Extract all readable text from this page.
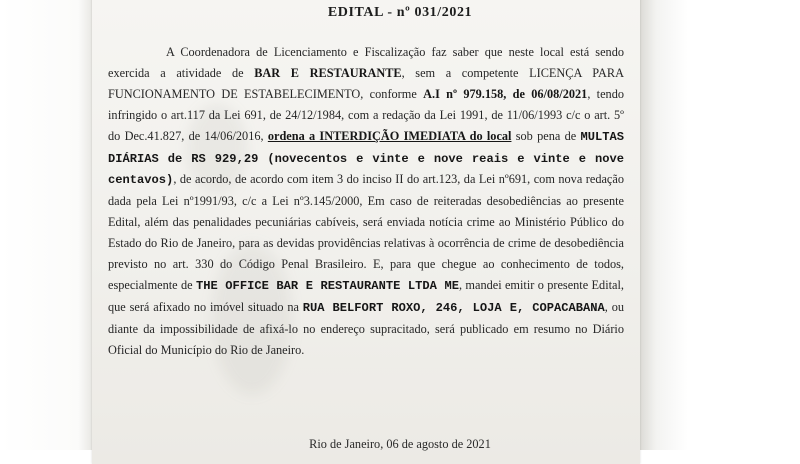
EDITAL - nº 031/2021

A Coordenadora de Licenciamento e Fiscalização faz saber que neste local está sendo exercida a atividade de BAR E RESTAURANTE, sem a competente LICENÇA PARA FUNCIONAMENTO DE ESTABELECIMENTO, conforme A.I nº 979.158, de 06/08/2021, tendo infringido o art.117 da Lei 691, de 24/12/1984, com a redação da Lei 1991, de 11/06/1993 c/c o art. 5º do Dec.41.827, de 14/06/2016, ordena a INTERDIÇÃO IMEDIATA do local sob pena de MULTAS DIÁRIAS de RS 929,29 (novecentos e vinte e nove reais e vinte e nove centavos), de acordo, de acordo com item 3 do inciso II do art.123, da Lei nº691, com nova redação dada pela Lei nº1991/93, c/c a Lei nº3.145/2000, Em caso de reiteradas desobediências ao presente Edital, além das penalidades pecuniárias cabíveis, será enviada notícia crime ao Ministério Público do Estado do Rio de Janeiro, para as devidas providências relativas à ocorrência de crime de desobediência previsto no art. 330 do Código Penal Brasileiro. E, para que chegue ao conhecimento de todos, especialmente de THE OFFICE BAR E RESTAURANTE LTDA ME, mandei emitir o presente Edital, que será afixado no imóvel situado na RUA BELFORT ROXO, 246, LOJA E, COPACABANA, ou diante da impossibilidade de afixá-lo no endereço supracitado, será publicado em resumo no Diário Oficial do Município do Rio de Janeiro.

Rio de Janeiro, 06 de agosto de 2021
